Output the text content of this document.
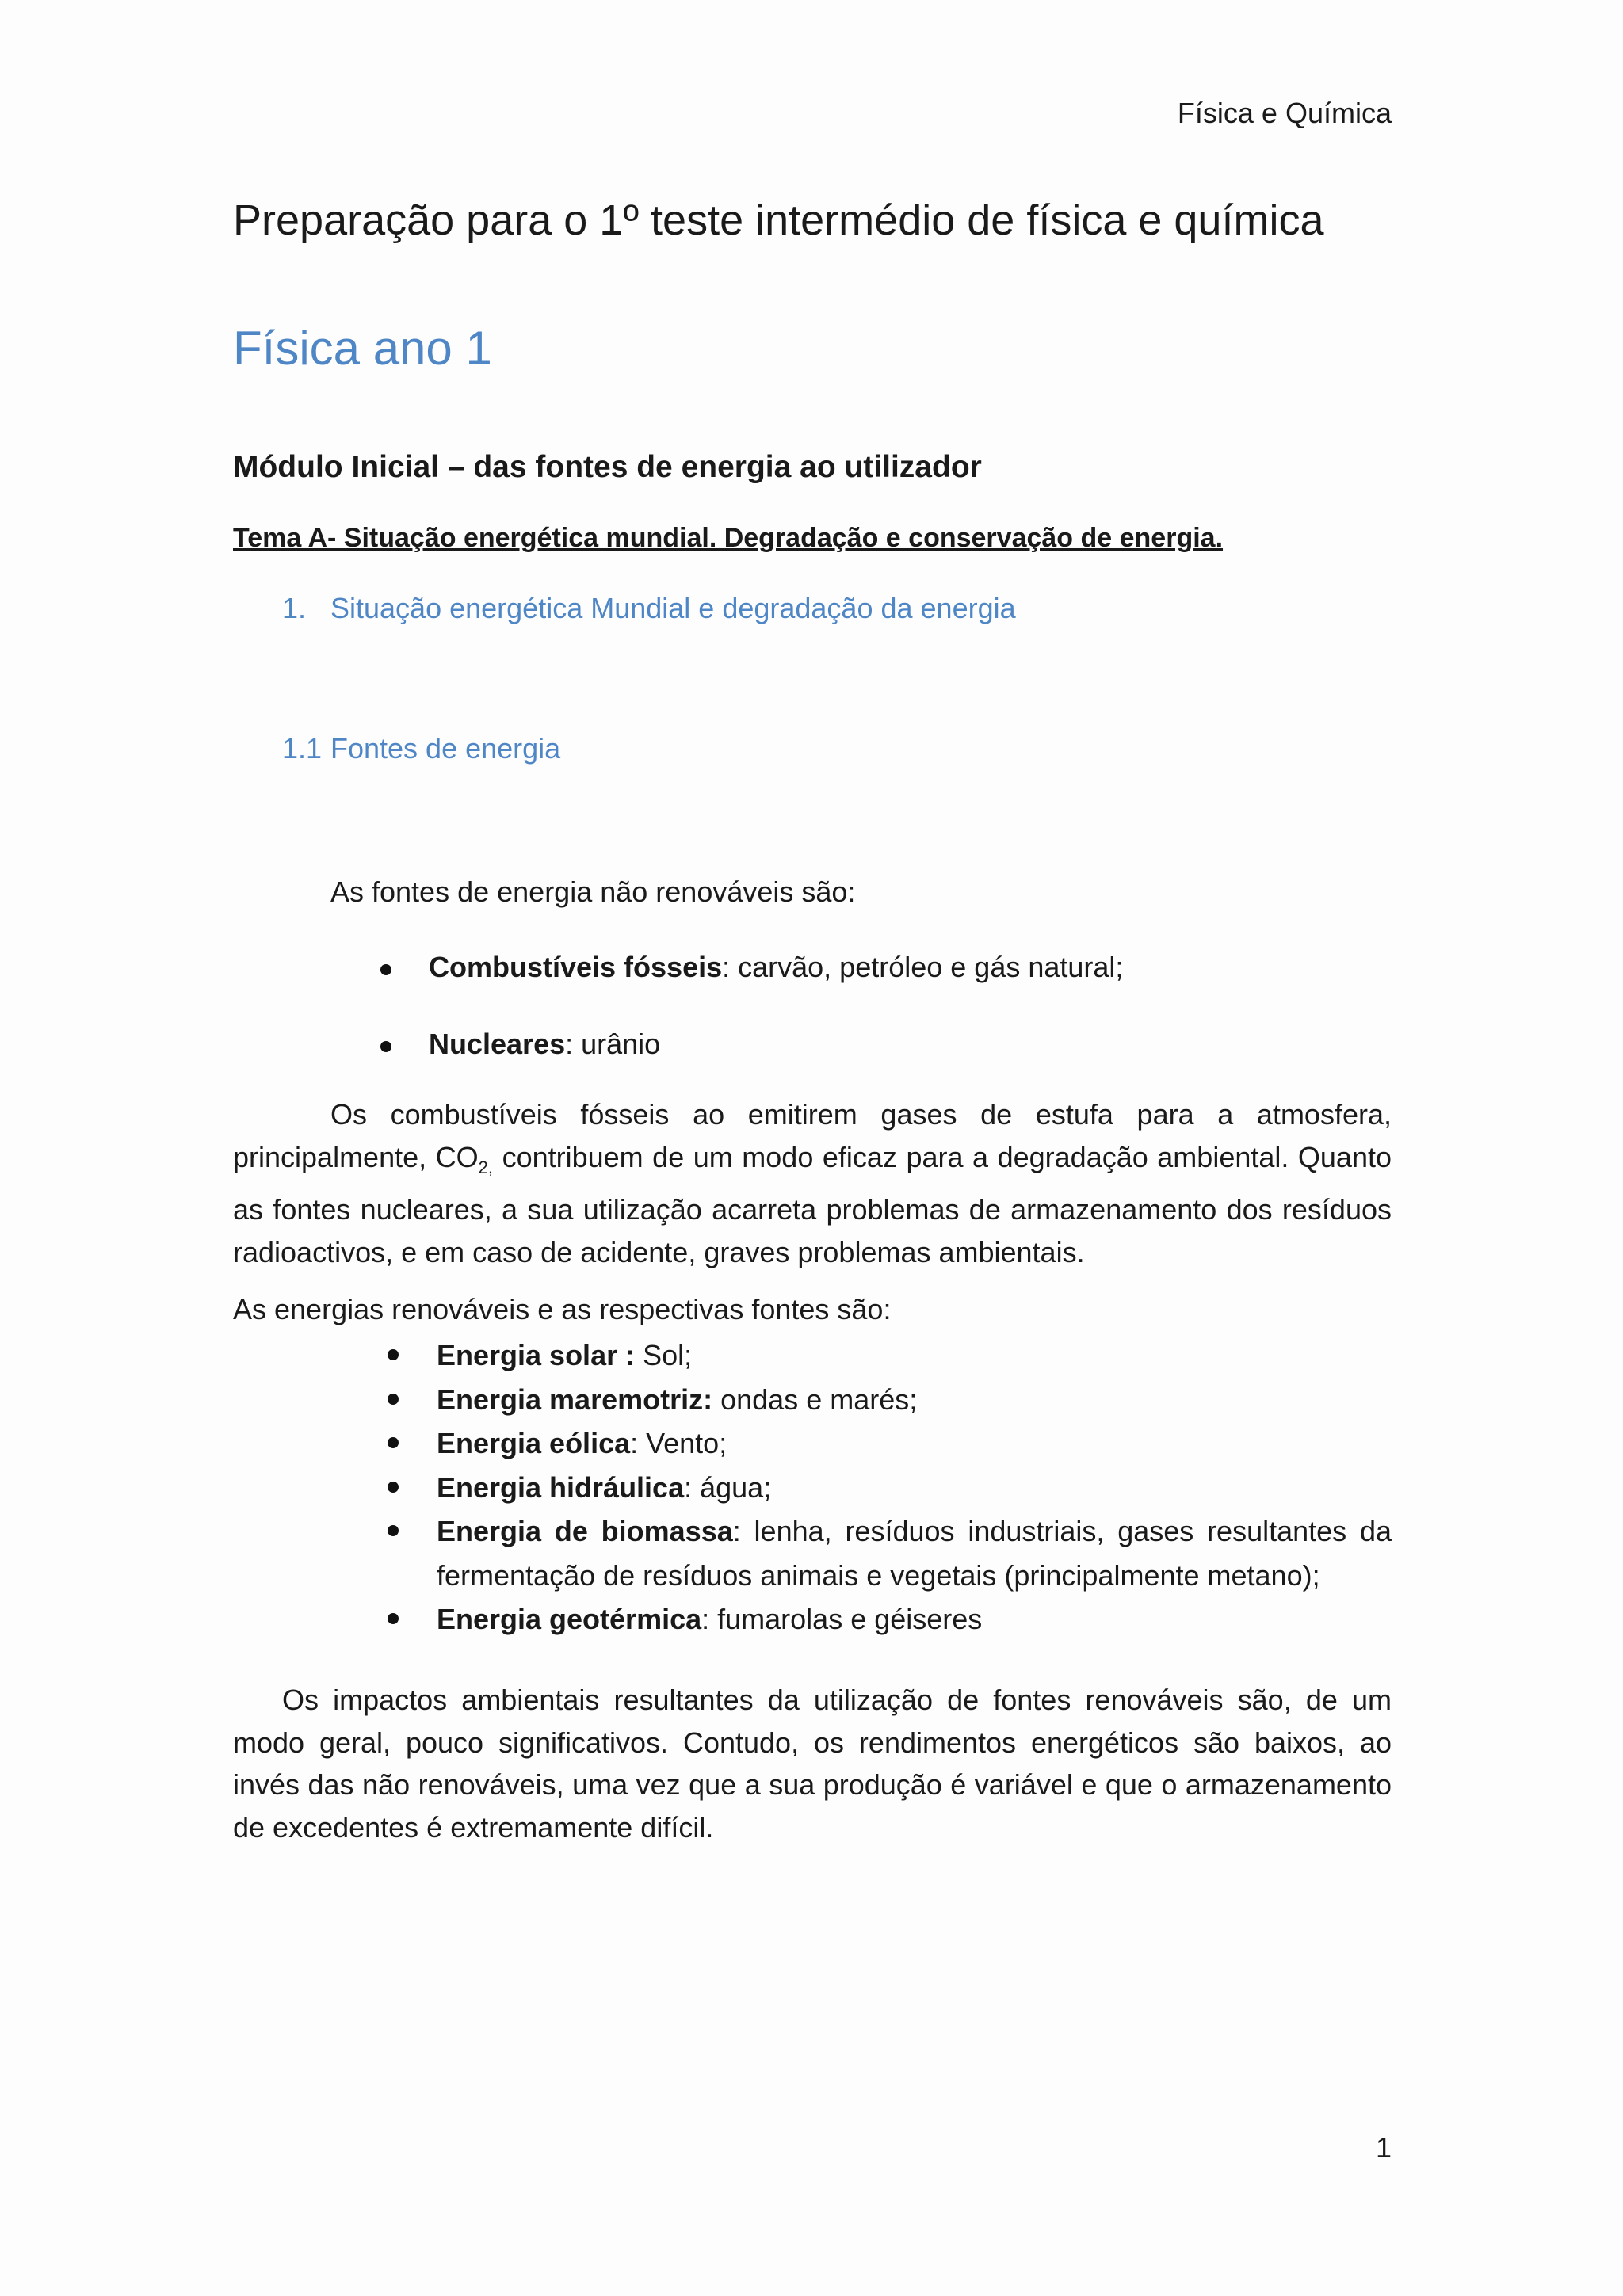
Física e Química
Preparação para o 1º teste intermédio de física e química
Física ano 1
Módulo Inicial – das fontes de energia ao utilizador
Tema A- Situação energética mundial. Degradação e conservação de energia.
1. Situação energética Mundial e degradação da energia
1.1 Fontes de energia
As fontes de energia não renováveis são:
Combustíveis fósseis: carvão, petróleo e gás natural;
Nucleares: urânio

Os combustíveis fósseis ao emitirem gases de estufa para a atmosfera, principalmente, $CO_{2,}$ contribuem de um modo eficaz para a degradação ambiental. Quanto as fontes nucleares, a sua utilização acarreta problemas de armazenamento dos resíduos radioactivos, e em caso de acidente, graves problemas ambientais.

As energias renováveis e as respectivas fontes são:
Energia solar : Sol;
Energia maremotriz: ondas e marés;
Energia eólica: Vento;
Energia hidráulica: água;
Energia de biomassa: lenha, resíduos industriais, gases resultantes da fermentação de resíduos animais e vegetais (principalmente metano);
Energia geotérmica: fumarolas e géiseres

Os impactos ambientais resultantes da utilização de fontes renováveis são, de um modo geral, pouco significativos. Contudo, os rendimentos energéticos são baixos, ao invés das não renováveis, uma vez que a sua produção é variável e que o armazenamento de excedentes é extremamente difícil.

1
